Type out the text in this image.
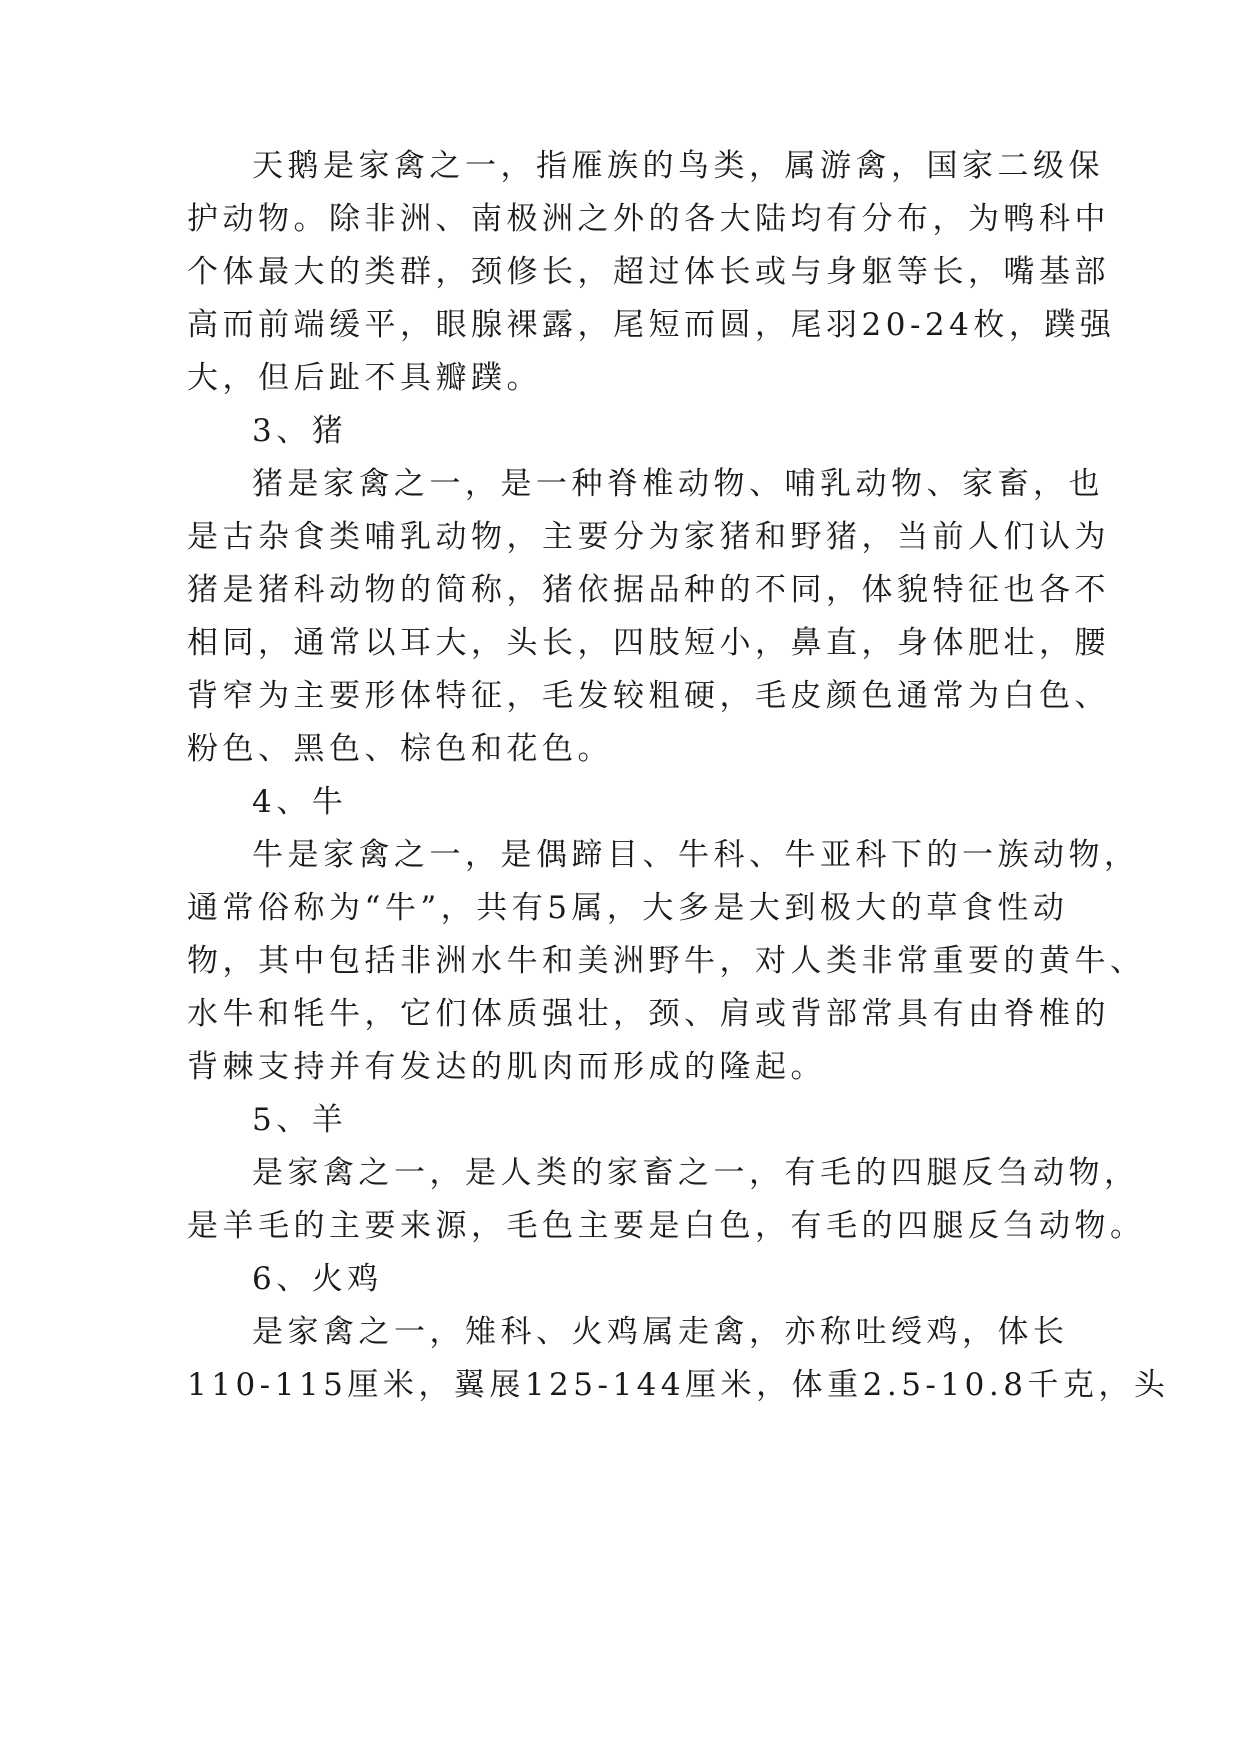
天鹅是家禽之一，指雁族的鸟类，属游禽，国家二级保
护动物。除非洲、南极洲之外的各大陆均有分布，为鸭科中
个体最大的类群，颈修长，超过体长或与身躯等长，嘴基部
高而前端缓平，眼腺裸露，尾短而圆，尾羽20-24枚，蹼强
大，但后趾不具瓣蹼。
3、猪
猪是家禽之一，是一种脊椎动物、哺乳动物、家畜，也
是古杂食类哺乳动物，主要分为家猪和野猪，当前人们认为
猪是猪科动物的简称，猪依据品种的不同，体貌特征也各不
相同，通常以耳大，头长，四肢短小，鼻直，身体肥壮，腰
背窄为主要形体特征，毛发较粗硬，毛皮颜色通常为白色、
粉色、黑色、棕色和花色。
4、牛
牛是家禽之一，是偶蹄目、牛科、牛亚科下的一族动物，
通常俗称为“牛”，共有5属，大多是大到极大的草食性动
物，其中包括非洲水牛和美洲野牛，对人类非常重要的黄牛、
水牛和牦牛，它们体质强壮，颈、肩或背部常具有由脊椎的
背棘支持并有发达的肌肉而形成的隆起。
5、羊
是家禽之一，是人类的家畜之一，有毛的四腿反刍动物，
是羊毛的主要来源，毛色主要是白色，有毛的四腿反刍动物。
6、火鸡
是家禽之一，雉科、火鸡属走禽，亦称吐绶鸡，体长
110-115厘米，翼展125-144厘米，体重2.5-10.8千克，头
